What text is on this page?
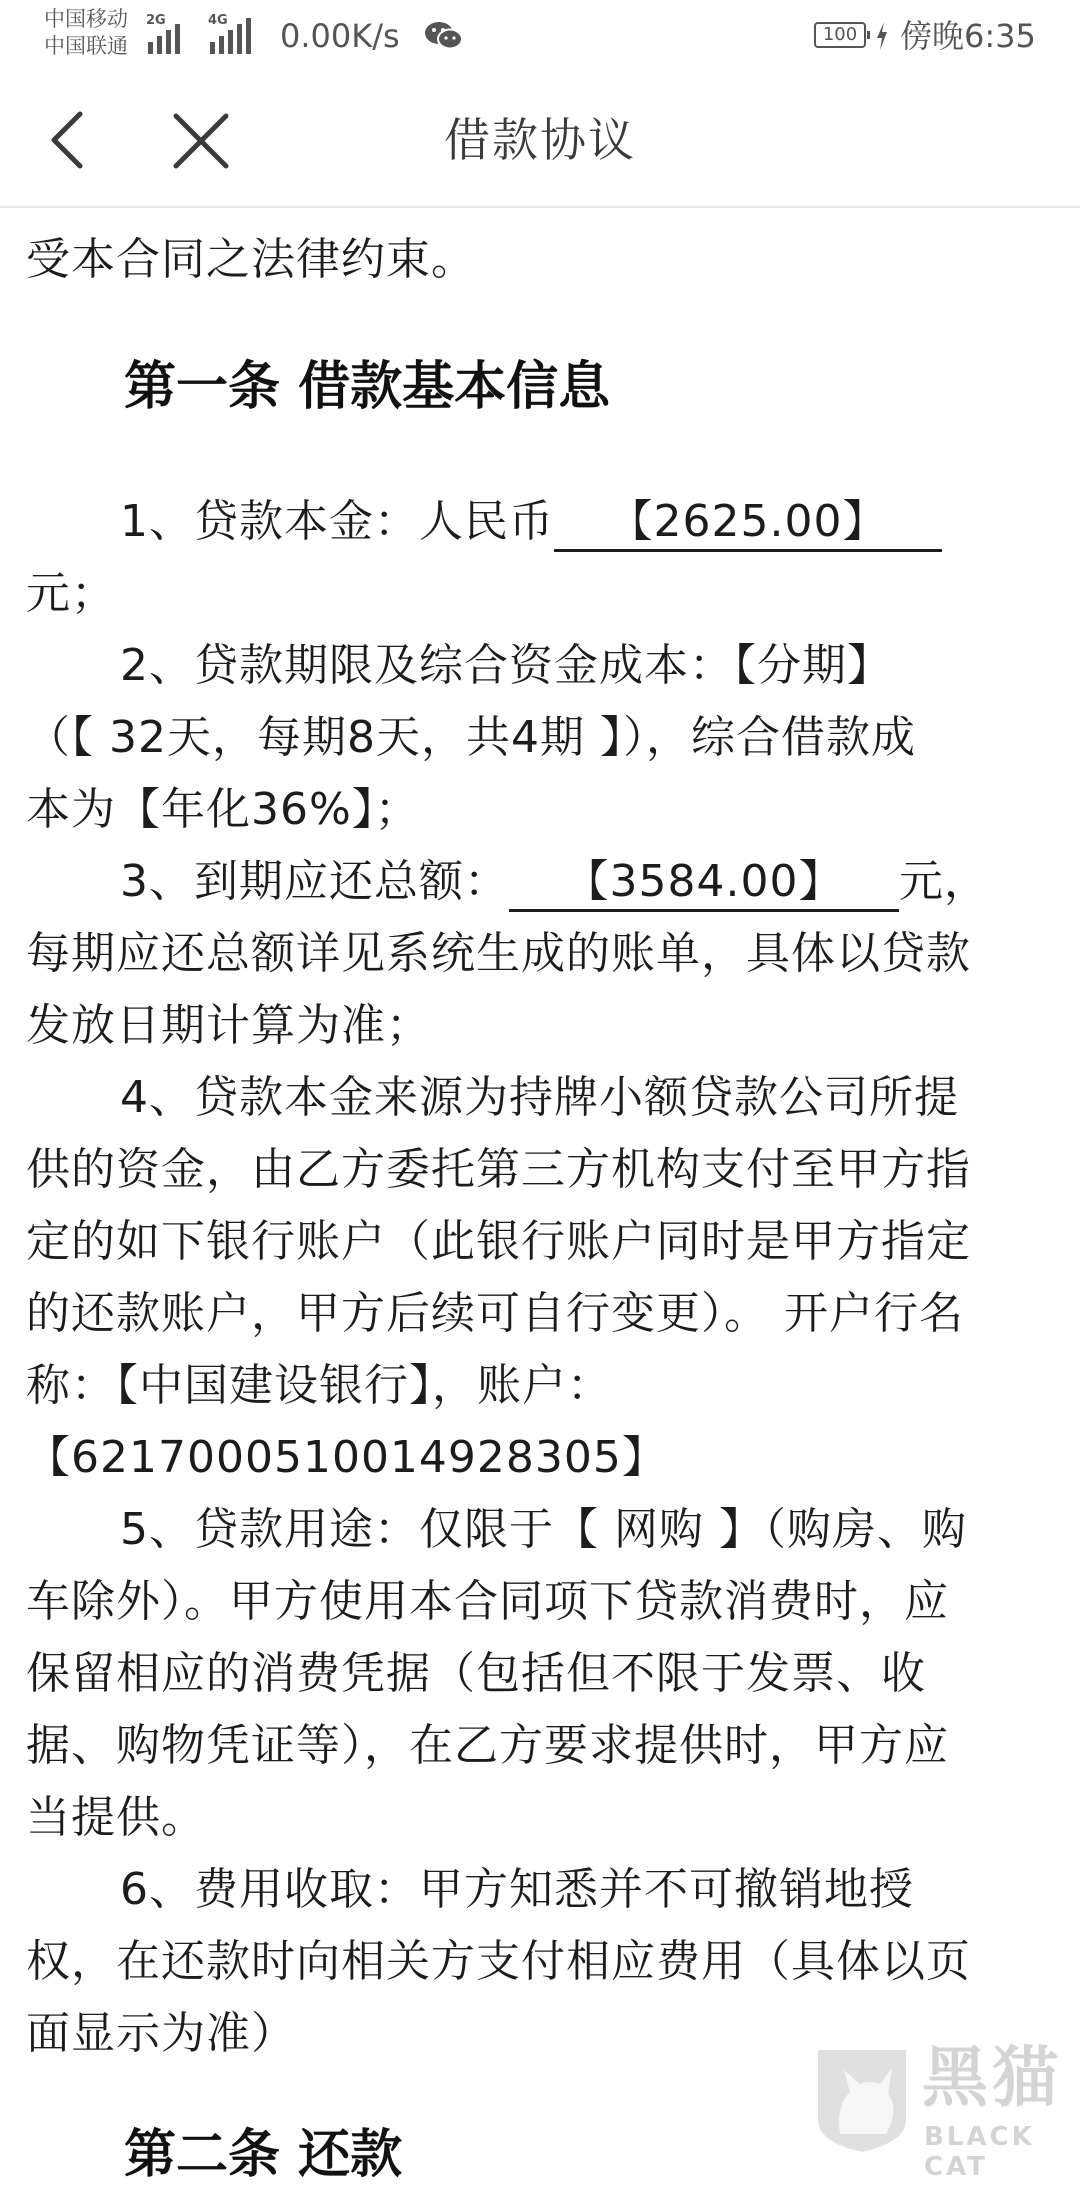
中国移动
中国联通
2G	4G 0.00K/s	100 傍晚6:35
借款协议
受本合同之法律约束。
第一条 借款基本信息
1、贷款本金：人民币 【2625.00】
元；
2、贷款期限及综合资金成本：【分期】
（【 32天，每期8天，共4期 】），综合借款成
本为【年化36%】；
3、到期应还总额： 【3584.00】 元，
每期应还总额详见系统生成的账单，具体以贷款
发放日期计算为准；
4、贷款本金来源为持牌小额贷款公司所提
供的资金，由乙方委托第三方机构支付至甲方指
定的如下银行账户（此银行账户同时是甲方指定
的还款账户，甲方后续可自行变更）。 开户行名
称：【中国建设银行】，账户：
【6217000510014928305】
5、贷款用途：仅限于【 网购 】（购房、购
车除外）。甲方使用本合同项下贷款消费时，应
保留相应的消费凭据（包括但不限于发票、收
据、购物凭证等），在乙方要求提供时，甲方应
当提供。
6、费用收取：甲方知悉并不可撤销地授
权，在还款时向相关方支付相应费用（具体以页
面显示为准）
第二条 还款
黑猫
BLACK CAT
